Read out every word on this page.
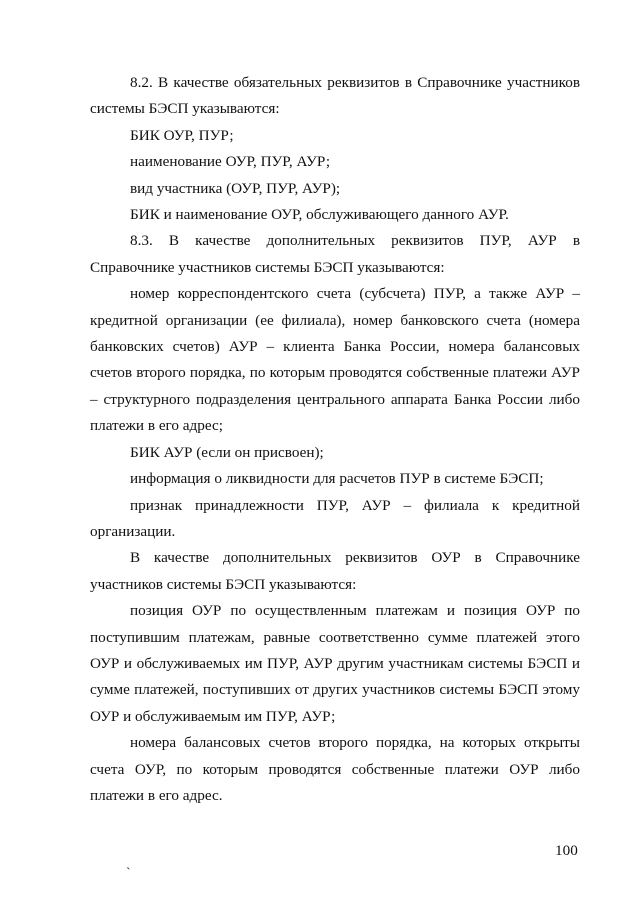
8.2. В качестве обязательных реквизитов в Справочнике участников системы БЭСП указываются:

БИК ОУР, ПУР;

наименование ОУР, ПУР, АУР;

вид участника (ОУР, ПУР, АУР);

БИК и наименование ОУР, обслуживающего данного АУР.

8.3. В качестве дополнительных реквизитов ПУР, АУР в Справочнике участников системы БЭСП указываются:

номер корреспондентского счета (субсчета) ПУР, а также АУР – кредитной организации (ее филиала), номер банковского счета (номера банковских счетов) АУР – клиента Банка России, номера балансовых счетов второго порядка, по которым проводятся собственные платежи АУР – структурного подразделения центрального аппарата Банка России либо платежи в его адрес;

БИК АУР (если он присвоен);

информация о ликвидности для расчетов ПУР в системе БЭСП;

признак принадлежности ПУР, АУР – филиала к кредитной организации.

В качестве дополнительных реквизитов ОУР в Справочнике участников системы БЭСП указываются:

позиция ОУР по осуществленным платежам и позиция ОУР по поступившим платежам, равные соответственно сумме платежей этого ОУР и обслуживаемых им ПУР, АУР другим участникам системы БЭСП и сумме платежей, поступивших от других участников системы БЭСП этому ОУР и обслуживаемым им ПУР, АУР;

номера балансовых счетов второго порядка, на которых открыты счета ОУР, по которым проводятся собственные платежи ОУР либо платежи в его адрес.

100
`
